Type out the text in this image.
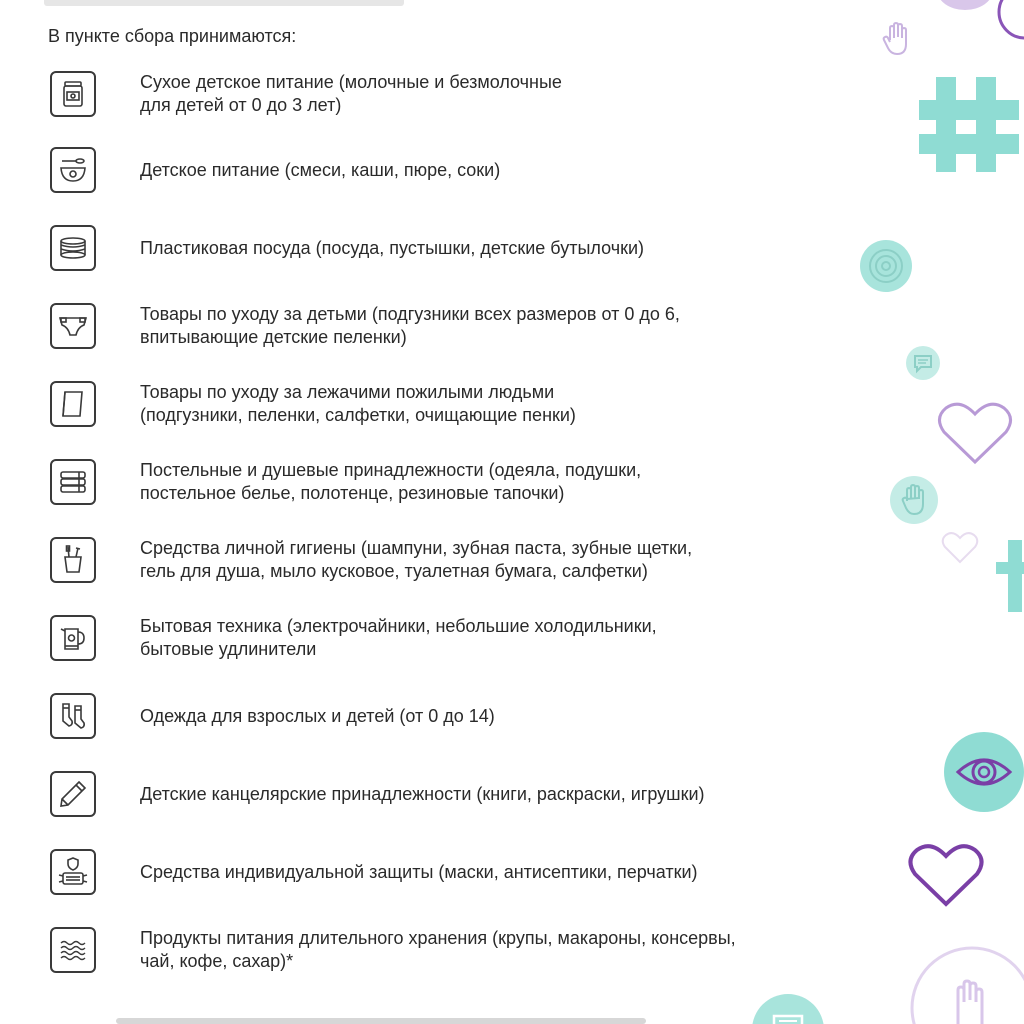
В пункте сбора принимаются:
Сухое детское питание (молочные и безмолочные
для детей от 0 до 3 лет)
Детское питание (смеси, каши, пюре, соки)
Пластиковая посуда (посуда, пустышки, детские бутылочки)
Товары по уходу за детьми (подгузники всех размеров от 0 до 6,
впитывающие детские пеленки)
Товары по уходу за лежачими пожилыми людьми
(подгузники, пеленки, салфетки, очищающие пенки)
Постельные и душевые принадлежности (одеяла, подушки,
постельное белье, полотенце, резиновые тапочки)
Средства личной гигиены (шампуни, зубная паста, зубные щетки,
гель для душа, мыло кусковое, туалетная бумага, салфетки)
Бытовая техника (электрочайники, небольшие холодильники,
бытовые удлинители
Одежда для взрослых и детей (от 0 до 14)
Детские канцелярские принадлежности (книги, раскраски, игрушки)
Средства индивидуальной защиты (маски, антисептики, перчатки)
Продукты питания длительного хранения (крупы, макароны, консервы,
чай, кофе, сахар)*
